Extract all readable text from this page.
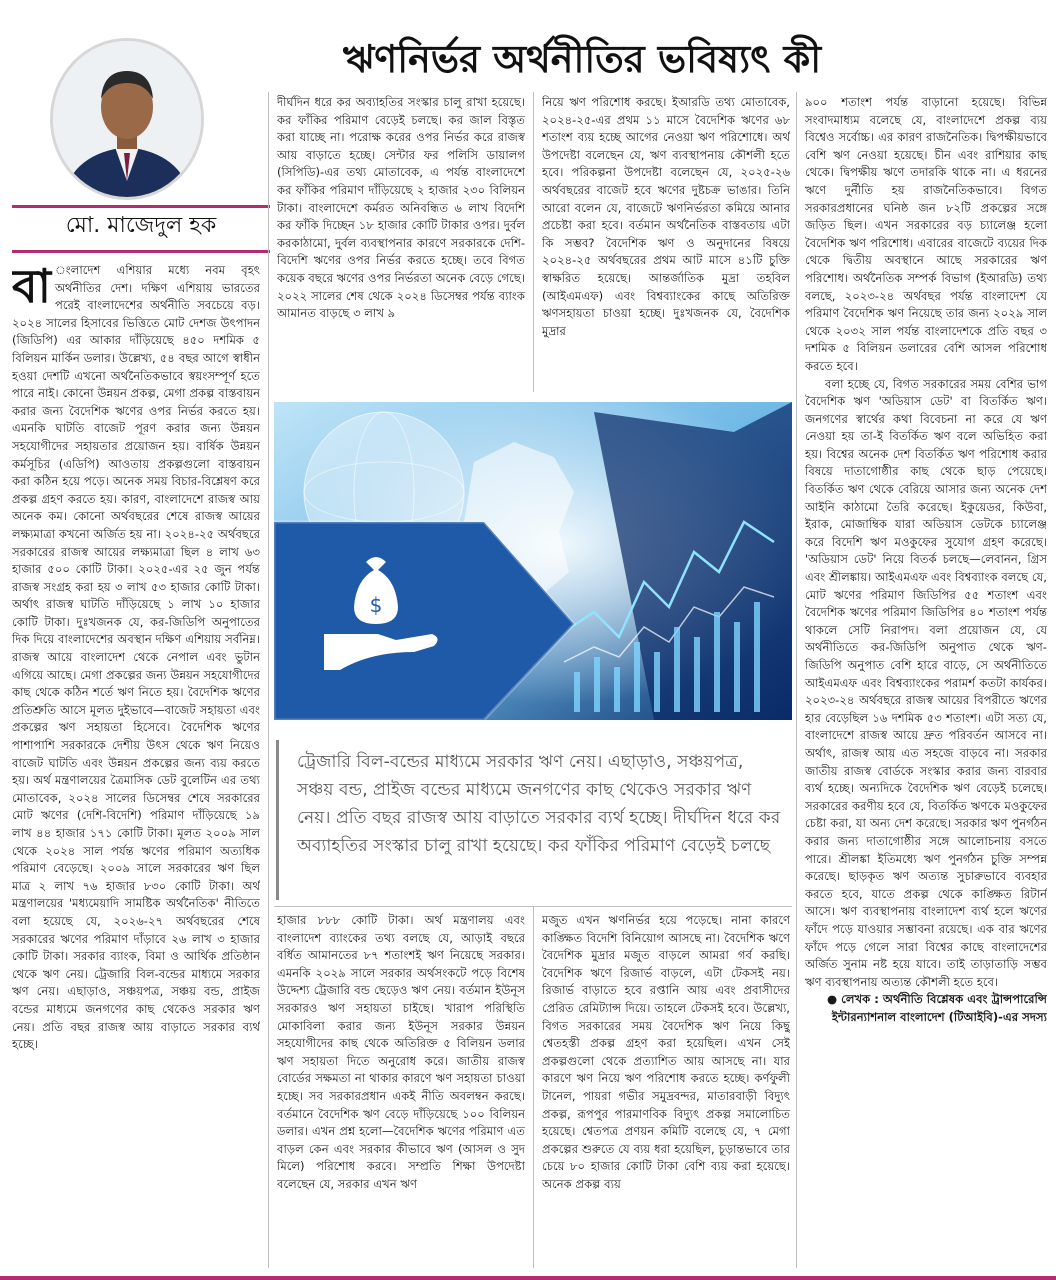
মো. মাজেদুল হক
ঋণনির্ভর অর্থনীতির ভবিষ্যৎ কী
বা ংলাদেশ এশিয়ার মধ্যে নবম বৃহৎ অর্থনীতির দেশ। দক্ষিণ এশিয়ায় ভারতের পরেই বাংলাদেশের অর্থনীতি সবচেয়ে বড়। ২০২৪ সালের হিসাবের ভিত্তিতে মোট দেশজ উৎপাদন (জিডিপি) এর আকার দাঁড়িয়েছে ৪৫০ দশমিক ৫ বিলিয়ন মার্কিন ডলার। উল্লেখ্য, ৫৪ বছর আগে স্বাধীন হওয়া দেশটি এখনো অর্থনৈতিকভাবে স্বয়ংসম্পূর্ণ হতে পারে নাই। কোনো উন্নয়ন প্রকল্প, মেগা প্রকল্প বাস্তবায়ন করার জন্য বৈদেশিক ঋণের ওপর নির্ভর করতে হয়। এমনকি ঘাটতি বাজেট পূরণ করার জন্য উন্নয়ন সহযোগীদের সহায়তার প্রয়োজন হয়। বার্ষিক উন্নয়ন কর্মসূচির (এডিপি) আওতায় প্রকল্পগুলো বাস্তবায়ন করা কঠিন হয়ে পড়ে। অনেক সময় বিচার-বিশ্লেষণ করে প্রকল্প গ্রহণ করতে হয়। কারণ, বাংলাদেশে রাজস্ব আয় অনেক কম। কোনো অর্থবছরের শেষে রাজস্ব আয়ের লক্ষ্যমাত্রা কখনো অর্জিত হয় না। ২০২৪-২৫ অর্থবছরে সরকারের রাজস্ব আয়ের লক্ষ্যমাত্রা ছিল ৪ লাখ ৬৩ হাজার ৫০০ কোটি টাকা। ২০২৫-এর ২৫ জুন পর্যন্ত রাজস্ব সংগ্রহ করা হয় ৩ লাখ ৫৩ হাজার কোটি টাকা। অর্থাৎ রাজস্ব ঘাটতি দাঁড়িয়েছে ১ লাখ ১০ হাজার কোটি টাকা। দুঃখজনক যে, কর-জিডিপি অনুপাতের দিক দিয়ে বাংলাদেশের অবস্থান দক্ষিণ এশিয়ায় সর্বনিম্ন। রাজস্ব আয়ে বাংলাদেশ থেকে নেপাল এবং ভুটান এগিয়ে আছে। মেগা প্রকল্পের জন্য উন্নয়ন সহযোগীদের কাছ থেকে কঠিন শর্তে ঋণ নিতে হয়। বৈদেশিক ঋণের প্রতিশ্রুতি আসে মূলত দুইভাবে—বাজেট সহায়তা এবং প্রকল্পের ঋণ সহায়তা হিসেবে। বৈদেশিক ঋণের পাশাপাশি সরকারকে দেশীয় উৎস থেকে ঋণ নিয়েও বাজেট ঘাটতি এবং উন্নয়ন প্রকল্পের জন্য ব্যয় করতে হয়। অর্থ মন্ত্রণালয়ের ত্রৈমাসিক ডেট বুলেটিন এর তথ্য মোতাবেক, ২০২৪ সালের ডিসেম্বর শেষে সরকারের মোট ঋণের (দেশি-বিদেশি) পরিমাণ দাঁড়িয়েছে ১৯ লাখ ৪৪ হাজার ১৭১ কোটি টাকা। মূলত ২০০৯ সাল থেকে ২০২৪ সাল পর্যন্ত ঋণের পরিমাণ অত্যধিক পরিমাণ বেড়েছে। ২০০৯ সালে সরকারের ঋণ ছিল মাত্র ২ লাখ ৭৬ হাজার ৮৩০ কোটি টাকা। অর্থ মন্ত্রণালয়ের 'মধ্যমেয়াদি সামষ্টিক অর্থনৈতিক' নীতিতে বলা হয়েছে যে, ২০২৬-২৭ অর্থবছরের শেষে সরকারের ঋণের পরিমাণ দাঁড়াবে ২৬ লাখ ৩ হাজার কোটি টাকা। সরকার ব্যাংক, বিমা ও আর্থিক প্রতিষ্ঠান থেকে ঋণ নেয়। ট্রেজারি বিল-বন্ডের মাধ্যমে সরকার ঋণ নেয়। এছাড়াও, সঞ্চয়পত্র, সঞ্চয় বন্ড, প্রাইজ বন্ডের মাধ্যমে জনগণের কাছ থেকেও সরকার ঋণ নেয়। প্রতি বছর রাজস্ব আয় বাড়াতে সরকার ব্যর্থ হচ্ছে।
দীর্ঘদিন ধরে কর অব্যাহতির সংস্কার চালু রাখা হয়েছে। কর ফাঁকির পরিমাণ বেড়েই চলছে। কর জাল বিস্তৃত করা যাচ্ছে না। পরোক্ষ করের ওপর নির্ভর করে রাজস্ব আয় বাড়াতে হচ্ছে। সেন্টার ফর পলিসি ডায়ালগ (সিপিডি)-এর তথ্য মোতাবেক, এ পর্যন্ত বাংলাদেশে কর ফাঁকির পরিমাণ দাঁড়িয়েছে ২ হাজার ২৩০ বিলিয়ন টাকা। বাংলাদেশে কর্মরত অনিবন্ধিত ৬ লাখ বিদেশি কর ফাঁকি দিচ্ছেন ১৮ হাজার কোটি টাকার ওপর। দুর্বল করকাঠামো, দুর্বল ব্যবস্থাপনার কারণে সরকারকে দেশি-বিদেশি ঋণের ওপর নির্ভর করতে হচ্ছে। তবে বিগত কয়েক বছরে ঋণের ওপর নির্ভরতা অনেক বেড়ে গেছে। ২০২২ সালের শেষ থেকে ২০২৪ ডিসেম্বর পর্যন্ত ব্যাংক আমানত বাড়ছে ৩ লাখ ৯
নিয়ে ঋণ পরিশোধ করছে। ইআরডি তথ্য মোতাবেক, ২০২৪-২৫-এর প্রথম ১১ মাসে বৈদেশিক ঋণের ৬৮ শতাংশ ব্যয় হচ্ছে আগের নেওয়া ঋণ পরিশোধে। অর্থ উপদেষ্টা বলেছেন যে, ঋণ ব্যবস্থাপনায় কৌশলী হতে হবে। পরিকল্পনা উপদেষ্টা বলেছেন যে, ২০২৫-২৬ অর্থবছরের বাজেট হবে ঋণের দুষ্টচক্র ভাঙার। তিনি আরো বলেন যে, বাজেটে ঋণনির্ভরতা কমিয়ে আনার প্রচেষ্টা করা হবে। বর্তমান অর্থনৈতিক বাস্তবতায় এটা কি সম্ভব? বৈদেশিক ঋণ ও অনুদানের বিষয়ে ২০২৪-২৫ অর্থবছরের প্রথম আট মাসে ৪১টি চুক্তি স্বাক্ষরিত হয়েছে। আন্তর্জাতিক মুদ্রা তহবিল (আইএমএফ) এবং বিশ্বব্যাংকের কাছে অতিরিক্ত ঋণসহায়তা চাওয়া হচ্ছে। দুঃখজনক যে, বৈদেশিক মুদ্রার
$
ট্রেজারি বিল-বন্ডের মাধ্যমে সরকার ঋণ নেয়। এছাড়াও, সঞ্চয়পত্র, সঞ্চয় বন্ড, প্রাইজ বন্ডের মাধ্যমে জনগণের কাছ থেকেও সরকার ঋণ নেয়। প্রতি বছর রাজস্ব আয় বাড়াতে সরকার ব্যর্থ হচ্ছে। দীর্ঘদিন ধরে কর অব্যাহতির সংস্কার চালু রাখা হয়েছে। কর ফাঁকির পরিমাণ বেড়েই চলছে
হাজার ৮৮৮ কোটি টাকা। অর্থ মন্ত্রণালয় এবং বাংলাদেশ ব্যাংকের তথ্য বলছে যে, আড়াই বছরে বর্ধিত আমানতের ৮৭ শতাংশই ঋণ নিয়েছে সরকার। এমনকি ২০২৯ সালে সরকার অর্থসংকটে পড়ে বিশেষ উদ্দেশ্য ট্রেজারি বন্ড ছেড়েও ঋণ নেয়। বর্তমান ইউনূস সরকারও ঋণ সহায়তা চাইছে। খারাপ পরিস্থিতি মোকাবিলা করার জন্য ইউনূস সরকার উন্নয়ন সহযোগীদের কাছ থেকে অতিরিক্ত ৫ বিলিয়ন ডলার ঋণ সহায়তা দিতে অনুরোধ করে। জাতীয় রাজস্ব বোর্ডের সক্ষমতা না থাকার কারণে ঋণ সহায়তা চাওয়া হচ্ছে। সব সরকারপ্রধান একই নীতি অবলম্বন করছে। বর্তমানে বৈদেশিক ঋণ বেড়ে দাঁড়িয়েছে ১০০ বিলিয়ন ডলার। এখন প্রশ্ন হলো—বৈদেশিক ঋণের পরিমাণ এত বাড়ল কেন এবং সরকার কীভাবে ঋণ (আসল ও সুদ মিলে) পরিশোধ করবে। সম্প্রতি শিক্ষা উপদেষ্টা বলেছেন যে, সরকার এখন ঋণ
মজুত এখন ঋণনির্ভর হয়ে পড়েছে। নানা কারণে কাঙ্ক্ষিত বিদেশি বিনিয়োগ আসছে না। বৈদেশিক ঋণে বৈদেশিক মুদ্রার মজুত বাড়লে আমরা গর্ব করছি। বৈদেশিক ঋণে রিজার্ভ বাড়লে, এটা টেকসই নয়। রিজার্ভ বাড়াতে হবে রপ্তানি আয় এবং প্রবাসীদের প্রেরিত রেমিট্যান্স দিয়ে। তাহলে টেকসই হবে। উল্লেখ্য, বিগত সরকারের সময় বৈদেশিক ঋণ নিয়ে কিছু শ্বেতহস্তী প্রকল্প গ্রহণ করা হয়েছিল। এখন সেই প্রকল্পগুলো থেকে প্রত্যাশিত আয় আসছে না। যার কারণে ঋণ নিয়ে ঋণ পরিশোধ করতে হচ্ছে। কর্ণফুলী টানেল, পায়রা গভীর সমুদ্রবন্দর, মাতারবাড়ী বিদ্যুৎ প্রকল্প, রূপপুর পারমাণবিক বিদ্যুৎ প্রকল্প সমালোচিত হয়েছে। শ্বেতপত্র প্রণয়ন কমিটি বলেছে যে, ৭ মেগা প্রকল্পের শুরুতে যে ব্যয় ধরা হয়েছিল, চূড়ান্তভাবে তার চেয়ে ৮০ হাজার কোটি টাকা বেশি ব্যয় করা হয়েছে। অনেক প্রকল্প ব্যয়
৯০০ শতাংশ পর্যন্ত বাড়ানো হয়েছে। বিভিন্ন সংবাদমাধ্যম বলেছে যে, বাংলাদেশে প্রকল্প ব্যয় বিশ্বেও সর্বোচ্চ। এর কারণ রাজনৈতিক। দ্বিপক্ষীয়ভাবে বেশি ঋণ নেওয়া হয়েছে। চীন এবং রাশিয়ার কাছ থেকে। দ্বিপক্ষীয় ঋণে তদারকি থাকে না। এ ধরনের ঋণে দুর্নীতি হয় রাজনৈতিকভাবে। বিগত সরকারপ্রধানের ঘনিষ্ঠ জন ৮২টি প্রকল্পের সঙ্গে জড়িত ছিল। এখন সরকারের বড় চ্যালেঞ্জ হলো বৈদেশিক ঋণ পরিশোধ। এবারের বাজেটে ব্যয়ের দিক থেকে দ্বিতীয় অবস্থানে আছে সরকারের ঋণ পরিশোধ। অর্থনৈতিক সম্পর্ক বিভাগ (ইআরডি) তথ্য বলছে, ২০২৩-২৪ অর্থবছর পর্যন্ত বাংলাদেশ যে পরিমাণ বৈদেশিক ঋণ নিয়েছে তার জন্য ২০২৯ সাল থেকে ২০৩২ সাল পর্যন্ত বাংলাদেশকে প্রতি বছর ৩ দশমিক ৫ বিলিয়ন ডলারের বেশি আসল পরিশোধ করতে হবে।
বলা হচ্ছে যে, বিগত সরকারের সময় বেশির ভাগ বৈদেশিক ঋণ 'অডিয়াস ডেট' বা বিতর্কিত ঋণ। জনগণের স্বার্থের কথা বিবেচনা না করে যে ঋণ নেওয়া হয় তা-ই বিতর্কিত ঋণ বলে অভিহিত করা হয়। বিশ্বের অনেক দেশ বিতর্কিত ঋণ পরিশোধ করার বিষয়ে দাতাগোষ্ঠীর কাছ থেকে ছাড় পেয়েছে। বিতর্কিত ঋণ থেকে বেরিয়ে আসার জন্য অনেক দেশ আইনি কাঠামো তৈরি করেছে। ইকুয়েডর, কিউবা, ইরাক, মোজাম্বিক যারা অডিয়াস ডেটকে চ্যালেঞ্জ করে বিদেশি ঋণ মওকুফের সুযোগ গ্রহণ করেছে। 'অডিয়াস ডেট' নিয়ে বিতর্ক চলছে—লেবানন, গ্রিস এবং শ্রীলঙ্কায়। আইএমএফ এবং বিশ্বব্যাংক বলছে যে, মোট ঋণের পরিমাণ জিডিপির ৫৫ শতাংশ এবং বৈদেশিক ঋণের পরিমাণ জিডিপির ৪০ শতাংশ পর্যন্ত থাকলে সেটি নিরাপদ। বলা প্রয়োজন যে, যে অর্থনীতিতে কর-জিডিপি অনুপাত থেকে ঋণ-জিডিপি অনুপাত বেশি হারে বাড়ে, সে অর্থনীতিতে আইএমএফ এবং বিশ্বব্যাংকের পরামর্শ কতটা কার্যকর। ২০২৩-২৪ অর্থবছরে রাজস্ব আয়ের বিপরীতে ঋণের হার বেড়েছিল ১৬ দশমিক ৫৩ শতাংশ। এটা সত্য যে, বাংলাদেশে রাজস্ব আয়ে দ্রুত পরিবর্তন আসবে না। অর্থাৎ, রাজস্ব আয় এত সহজে বাড়বে না। সরকার জাতীয় রাজস্ব বোর্ডকে সংস্কার করার জন্য বারবার ব্যর্থ হচ্ছে। অন্যদিকে বৈদেশিক ঋণ বেড়েই চলেছে। সরকারের করণীয় হবে যে, বিতর্কিত ঋণকে মওকুফের চেষ্টা করা, যা অন্য দেশ করেছে। সরকার ঋণ পুনর্গঠন করার জন্য দাতাগোষ্ঠীর সঙ্গে আলোচনায় বসতে পারে। শ্রীলঙ্কা ইতিমধ্যে ঋণ পুনর্গঠন চুক্তি সম্পন্ন করেছে। ছাড়কৃত ঋণ অত্যন্ত সুচারুভাবে ব্যবহার করতে হবে, যাতে প্রকল্প থেকে কাঙ্ক্ষিত রিটার্ন আসে। ঋণ ব্যবস্থাপনায় বাংলাদেশ ব্যর্থ হলে ঋণের ফাঁদে পড়ে যাওয়ার সম্ভাবনা রয়েছে। এক বার ঋণের ফাঁদে পড়ে গেলে সারা বিশ্বের কাছে বাংলাদেশের অর্জিত সুনাম নষ্ট হয়ে যাবে। তাই তাড়াতাড়ি সম্ভব ঋণ ব্যবস্থাপনায় অত্যন্ত কৌশলী হতে হবে।
● লেখক : অর্থনীতি বিশ্লেষক এবং ট্রান্সপারেন্সি ইন্টারন্যাশনাল বাংলাদেশ (টিআইবি)-এর সদস্য
